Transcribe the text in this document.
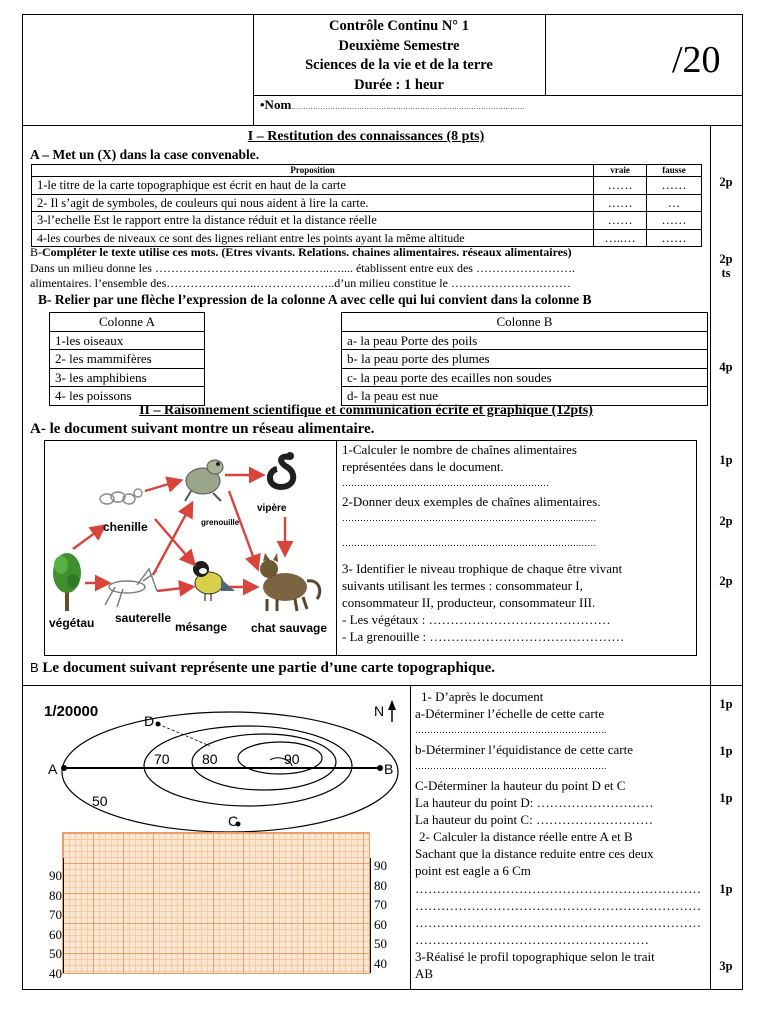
Contrôle Continu N° 1
Deuxième Semestre
Sciences de la vie et de la terre
Durée : 1 heur
/20
•Nom……………………………………………………………………………………
I – Restitution des connaissances (8 pts)
A – Met un (X) dans la case convenable.
Proposition	vraie	fausse
1-le titre de la carte topographique est écrit en haut de la carte	……	……
2- Il s’agit de symboles, de couleurs qui nous aident à lire la carte.	……	…
3-l’echelle Est le rapport entre la distance réduit et la distance réelle	……	……
4-les courbes de niveaux ce sont des lignes reliant entre les points ayant la même altitude	…..…	……
B-Compléter le texte utilise ces mots. (Etres vivants. Relations. chaines alimentaires. réseaux alimentaires)
Dans un milieu donne les ……………………………………..….... établissent entre eux des …………………….
alimentaires. l’ensemble des…………………..………………..d’un milieu constitue le …………………………
B- Relier par une flèche l’expression de la colonne A avec celle qui lui convient dans la colonne B
Colonne A
1-les oiseaux
2- les mammifères
3- les amphibiens
4- les poissons
Colonne B
a- la peau Porte des poils
b- la peau porte des plumes
c- la peau porte des ecailles non soudes
d- la peau est nue
II – Raisonnement scientifique et communication écrite et graphique (12pts)
A- le document suivant montre un réseau alimentaire.
chenille	grenouille
vipère
végétau sauterelle
mésange chat sauvage
1-Calculer le nombre de chaînes alimentaires
représentées dans le document.
……………………………………………………………
2-Donner deux exemples de chaînes alimentaires.
…………………………………………………………………….……
…………………………………………………………………….……
3- Identifier le niveau trophique de chaque être vivant
suivants utilisant les termes : consommateur I,
consommateur II, producteur, consommateur III.
- Les végétaux : ……………………………………
- La grenouille : ………………………………………
B Le document suivant représente une partie d’une carte topographique.
1/20000	N
A	B
C
D
50
70 80	90
90
80
70
60
50
40
90
80
70
60
50
40
1- D’après le document
a-Déterminer l’échelle de cette carte
……………………………………………………….
b-Déterminer l’équidistance de cette carte
……………………………………………………….
C-Déterminer la hauteur du point D et C
La hauteur du point D: ………………………
La hauteur du point C: ………………………
2- Calculer la distance réelle entre A et B
Sachant que la distance reduite entre ces deux
point est eagle a 6 Cm
…………………………………………………………
…………………………………………………………
…………………………………………………………
………………………………………………
3-Réalisé le profil topographique selon le trait
AB
2p
2p
ts
4p
1p
2p
2p
1p
1p
1p
1p
3p
